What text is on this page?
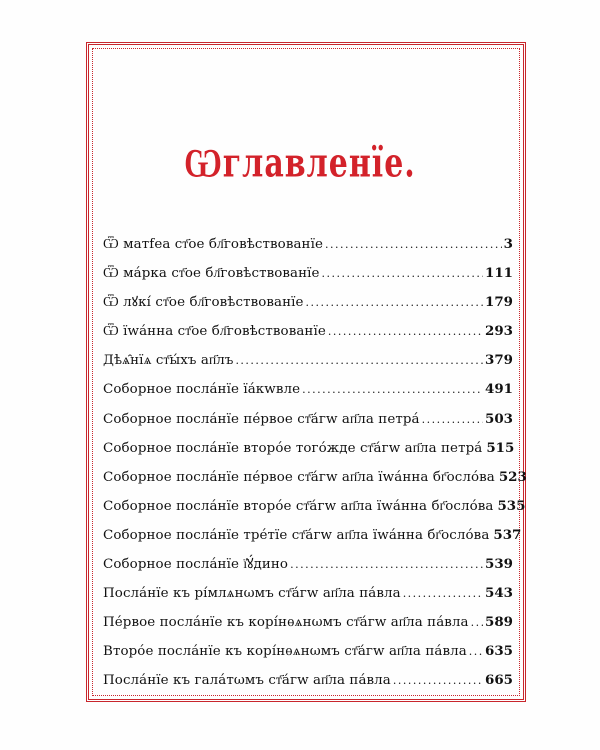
Ѡглавлeнїе.
Ѿ матfеа ст҃ое бл҃говѣствованїе .....	3
Ѿ мápка ст҃ое бл҃говѣствованїе .....	111
Ѿ лꙋкí ст҃ое бл҃говѣствованїе .....	179
Ѿ їwáнна ст҃ое бл҃говѣствованїе .....	293
Дѣѧ̑нїѧ ст҃ы́хъ ап҃лъ .....	379
Соборное послáнїе їáкwвле .....	491
Соборное послáнїе пéрвое ст҃а́гw ап҃ла петрá .....	503
Соборное послáнїе вторóе тогóжде ст҃а́гw ап҃ла петрá 515
Соборное послáнїе пéрвое ст҃а́гw ап҃ла їwáнна бг҃ослóва 523
Соборное послáнїе вторóе ст҃а́гw ап҃ла їwáнна бг҃ослóва 535
Соборное послáнїе трéтїе ст҃а́гw ап҃ла їwáнна бг҃ослóва 537
Соборное послáнїе ї҆ꙋ́дино .....	539
Послáнїе къ рíмлѧнωмъ ст҃а́гw ап҃ла пáвла .....	543
Пéрвое послáнїе къ корíнѳѧнωмъ ст҃а́гw ап҃ла пáвла ..... 589
Вторóе послáнїе къ корíнѳѧнωмъ ст҃а́гw ап҃ла пáвла ..... 635
Послáнїе къ галáтωмъ ст҃а́гw ап҃ла пáвла .....	665
